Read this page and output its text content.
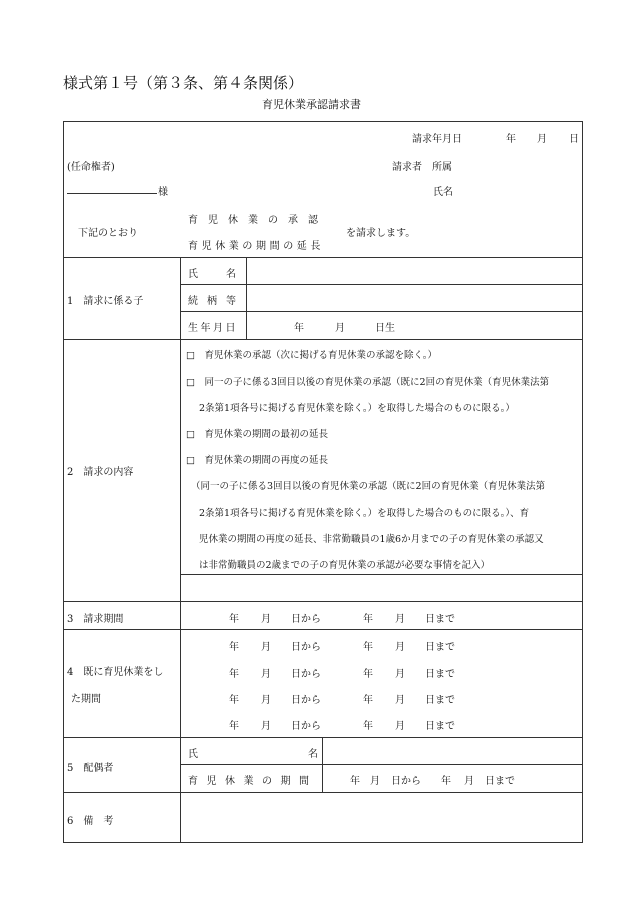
様式第１号（第３条、第４条関係）
育児休業承認請求書
請求年月日	年 月 日
(任命権者)	請求者　所属
様	氏名
下記のとおり
育児休業の承認
育児休業の期間の延長
を請求します。
1　請求に係る子
氏名
続柄等
生年月日	年	月	日生
2　請求の内容
□　育児休業の承認（次に掲げる育児休業の承認を除く。）
□　同一の子に係る3回目以後の育児休業の承認（既に2回の育児休業（育児休業法第
2条第1項各号に掲げる育児休業を除く。）を取得した場合のものに限る。）
□　育児休業の期間の最初の延長
□　育児休業の期間の再度の延長
（同一の子に係る3回目以後の育児休業の承認（既に2回の育児休業（育児休業法第
2条第1項各号に掲げる育児休業を除く。）を取得した場合のものに限る。）、育
児休業の期間の再度の延長、非常勤職員の1歳6か月までの子の育児休業の承認又
は非常勤職員の2歳までの子の育児休業の承認が必要な事情を記入）
3　請求期間	年 月 日から	年 月 日まで
4　既に育児休業をし
た期間
年 月 日から	年 月 日まで
年 月 日から	年 月 日まで
年 月 日から	年 月 日まで
年 月 日から	年 月 日まで
5　配偶者
氏名
育児休業の期間	年 月 日から 年 月 日まで
6　備　考
